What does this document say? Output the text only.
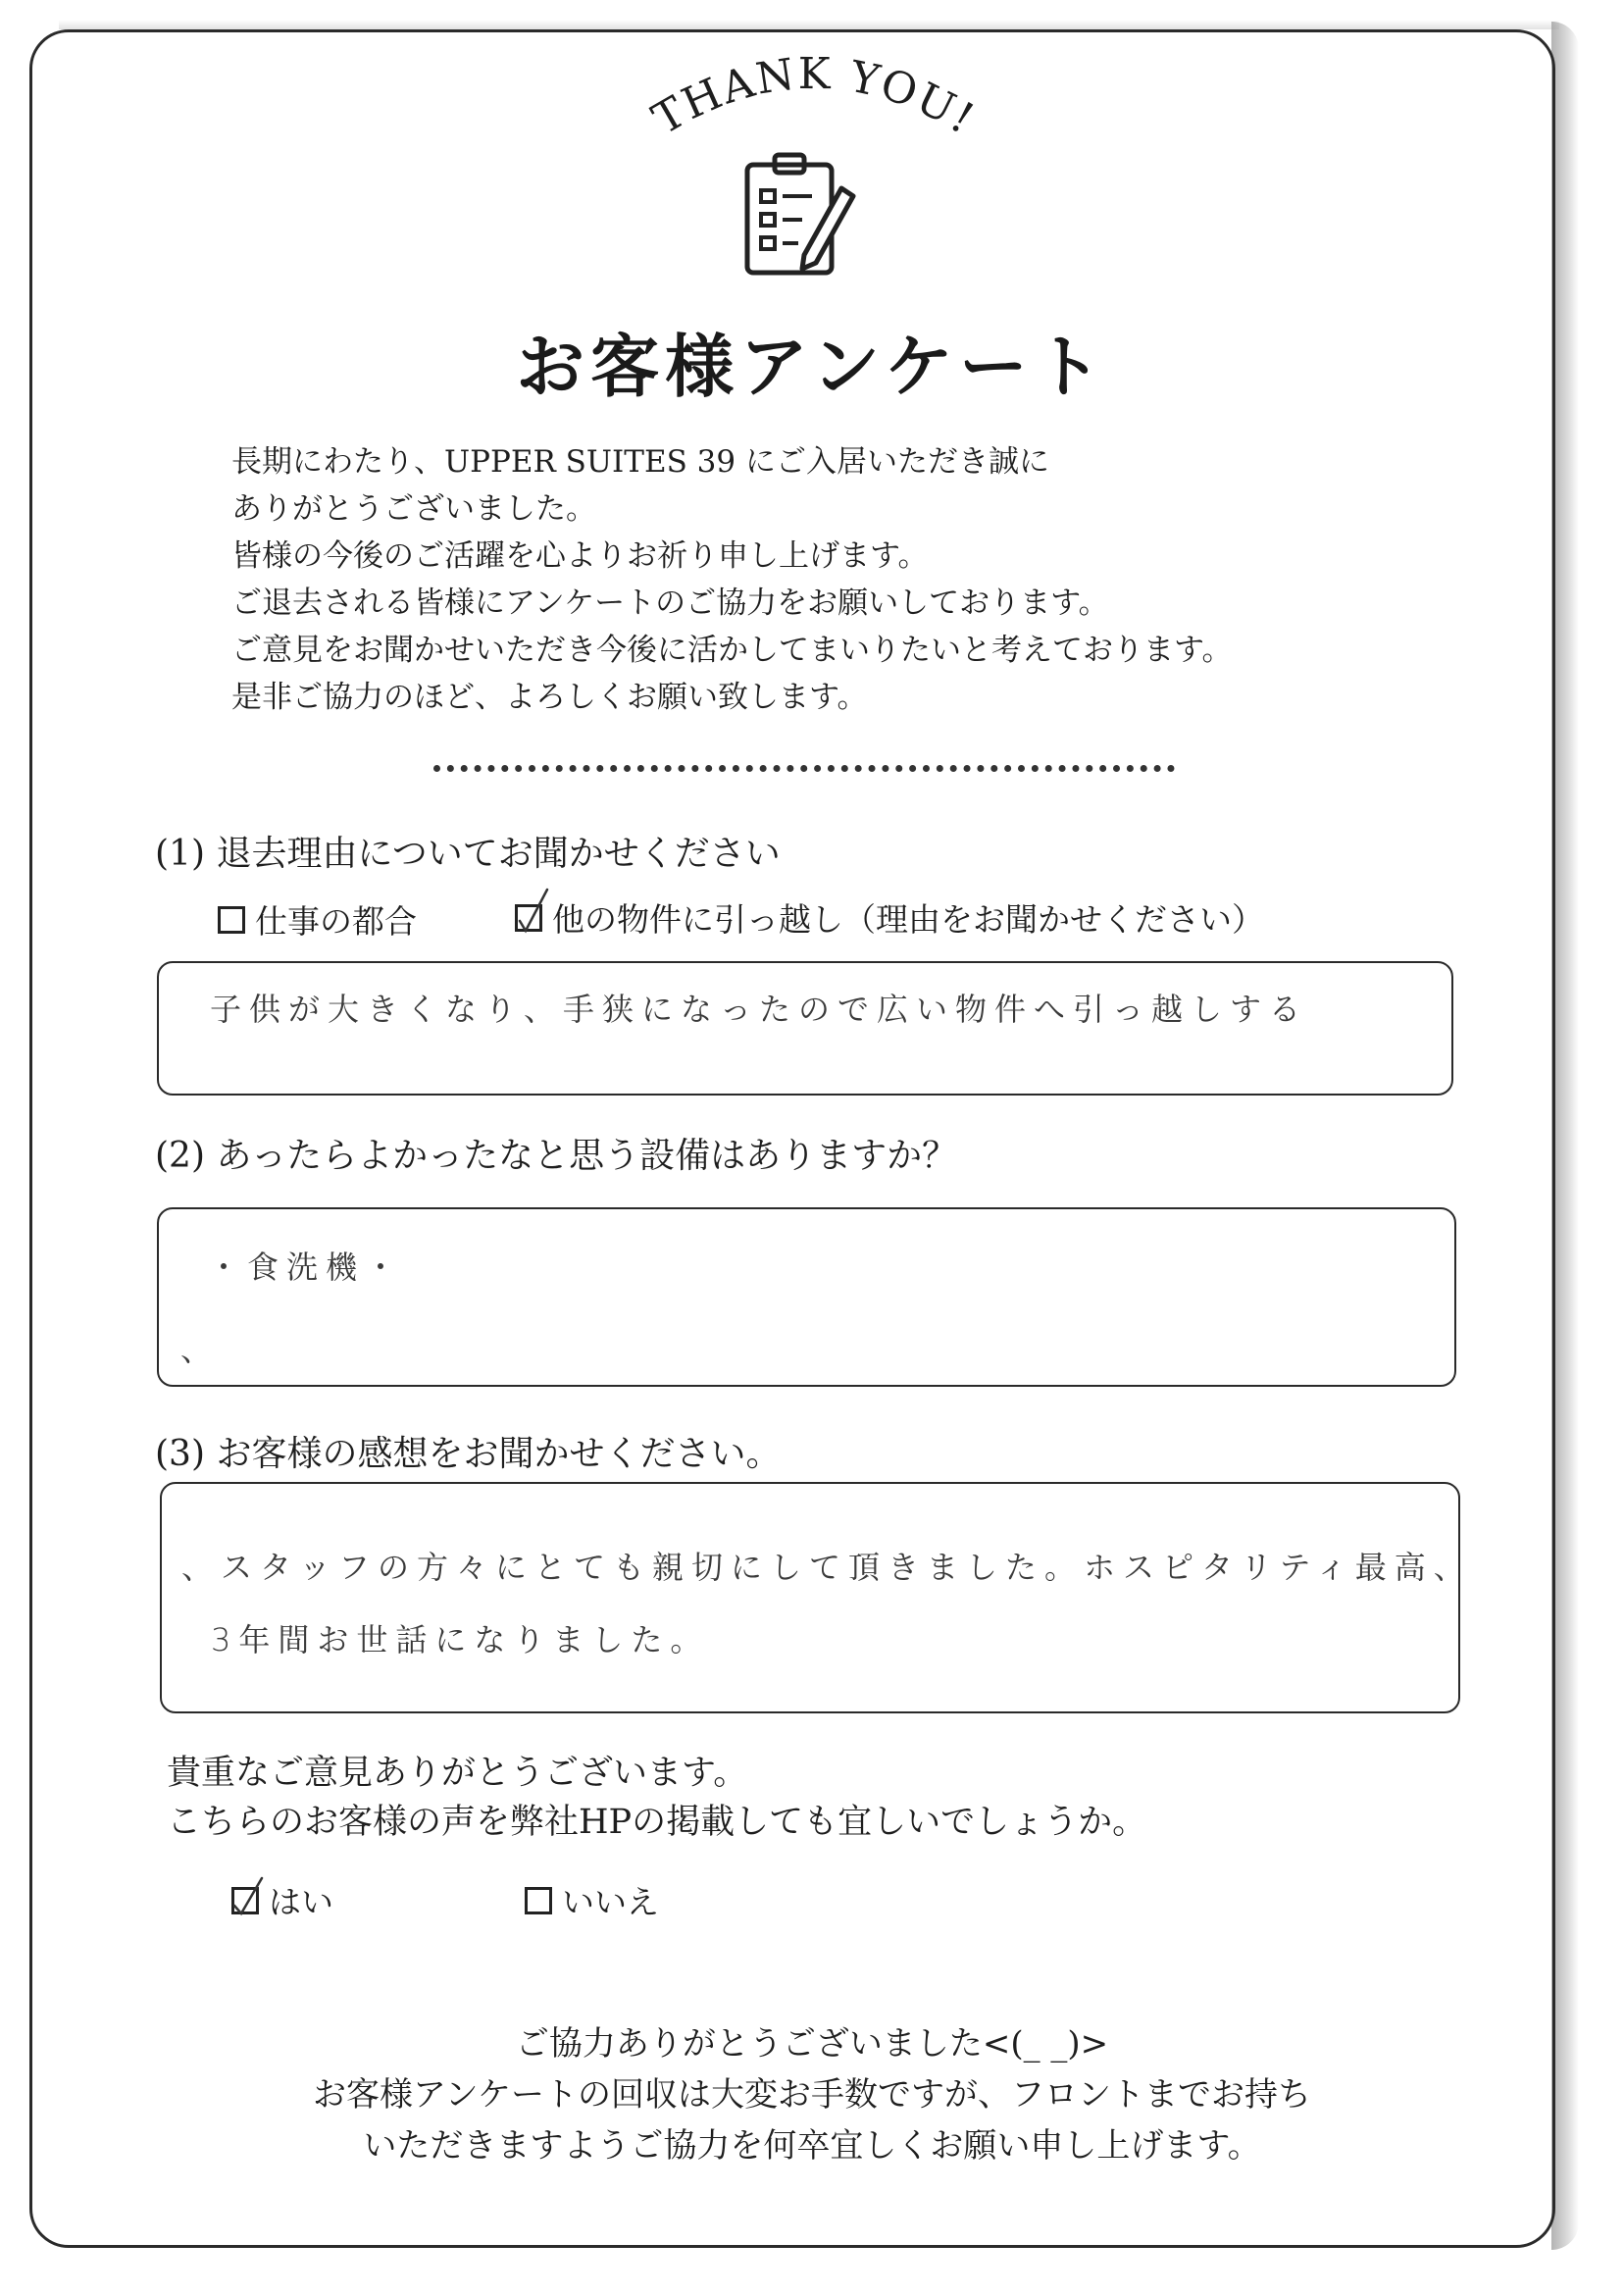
THANK YOU!
お客様アンケート
長期にわたり、UPPER SUITES 39 にご入居いただき誠に
ありがとうございました。
皆様の今後のご活躍を心よりお祈り申し上げます。
ご退去される皆様にアンケートのご協力をお願いしております。
ご意見をお聞かせいただき今後に活かしてまいりたいと考えております。
是非ご協力のほど、よろしくお願い致します。
(1) 退去理由についてお聞かせください
仕事の都合	他の物件に引っ越し（理由をお聞かせください）
子供が大きくなり、手狭になったので広い物件へ引っ越しする
(2) あったらよかったなと思う設備はありますか？
・食洗機・
、
(3) お客様の感想をお聞かせください。
、スタッフの方々にとても親切にして頂きました。ホスピタリティ最高、
3年間お世話になりました。
貴重なご意見ありがとうございます。
こちらのお客様の声を弊社HPの掲載しても宜しいでしょうか。
はい	いいえ
ご協力ありがとうございました<(_ _)>
お客様アンケートの回収は大変お手数ですが、フロントまでお持ち
いただきますようご協力を何卒宜しくお願い申し上げます。
